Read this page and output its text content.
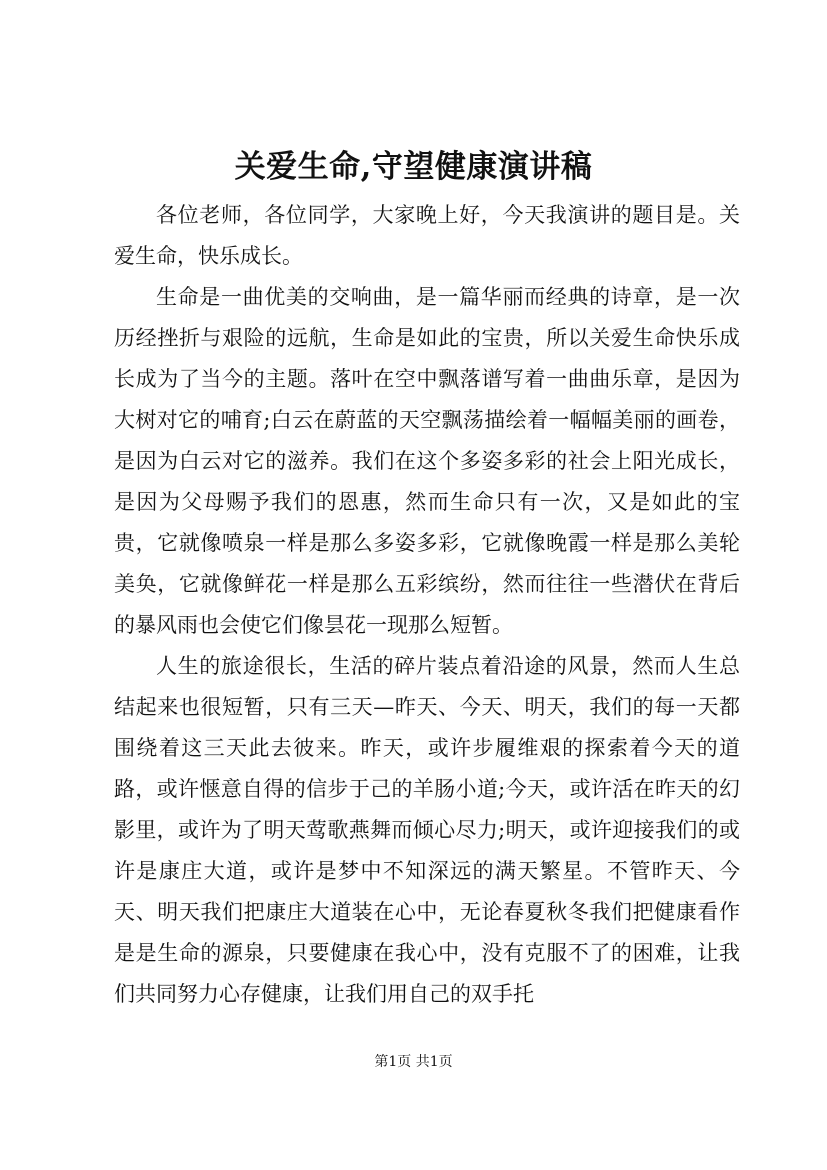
关爱生命,守望健康演讲稿

各位老师，各位同学，大家晚上好，今天我演讲的题目是。关爱生命，快乐成长。

生命是一曲优美的交响曲，是一篇华丽而经典的诗章，是一次历经挫折与艰险的远航，生命是如此的宝贵，所以关爱生命快乐成长成为了当今的主题。落叶在空中飘落谱写着一曲曲乐章，是因为大树对它的哺育;白云在蔚蓝的天空飘荡描绘着一幅幅美丽的画卷，是因为白云对它的滋养。我们在这个多姿多彩的社会上阳光成长，是因为父母赐予我们的恩惠，然而生命只有一次，又是如此的宝贵，它就像喷泉一样是那么多姿多彩，它就像晚霞一样是那么美轮美奂，它就像鲜花一样是那么五彩缤纷，然而往往一些潜伏在背后的暴风雨也会使它们像昙花一现那么短暂。

人生的旅途很长，生活的碎片装点着沿途的风景，然而人生总结起来也很短暂，只有三天—昨天、今天、明天，我们的每一天都围绕着这三天此去彼来。昨天，或许步履维艰的探索着今天的道路，或许惬意自得的信步于己的羊肠小道;今天，或许活在昨天的幻影里，或许为了明天莺歌燕舞而倾心尽力;明天，或许迎接我们的或许是康庄大道，或许是梦中不知深远的满天繁星。不管昨天、今天、明天我们把康庄大道装在心中，无论春夏秋冬我们把健康看作是是生命的源泉，只要健康在我心中，没有克服不了的困难，让我们共同努力心存健康，让我们用自己的双手托

第1页 共1页
